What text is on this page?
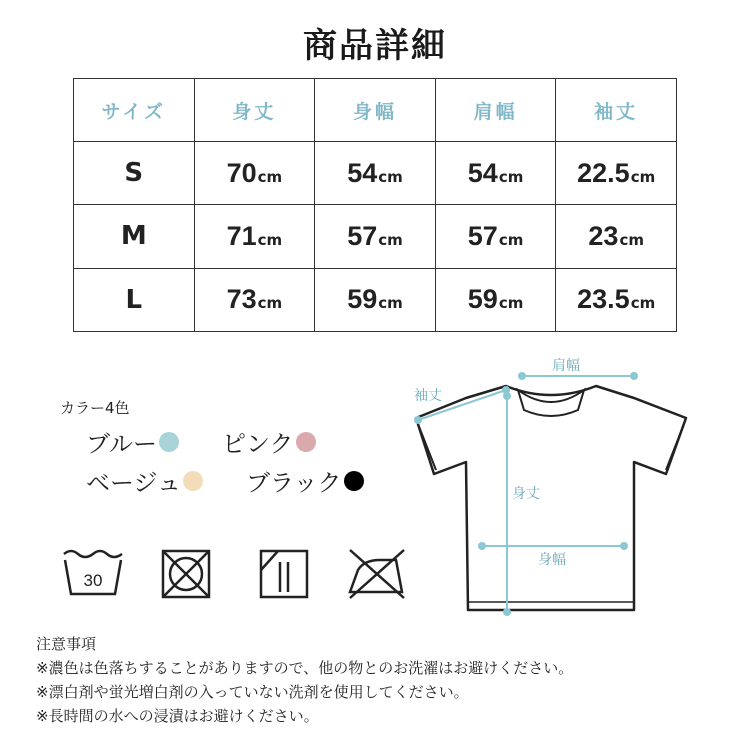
商品詳細
サイズ	身丈	身幅	肩幅	袖丈
S	70cm	54cm	54cm	22.5cm
M	71cm	57cm	57cm	23cm
L	73cm	59cm	59cm	23.5cm
カラー4色
ブルー	ピンク
ベージュ	ブラック
30
肩幅
袖丈
身丈
身幅
注意事項
※濃色は色落ちすることがありますので、他の物とのお洗濯はお避けください。
※漂白剤や蛍光増白剤の入っていない洗剤を使用してください。
※長時間の水への浸漬はお避けください。
